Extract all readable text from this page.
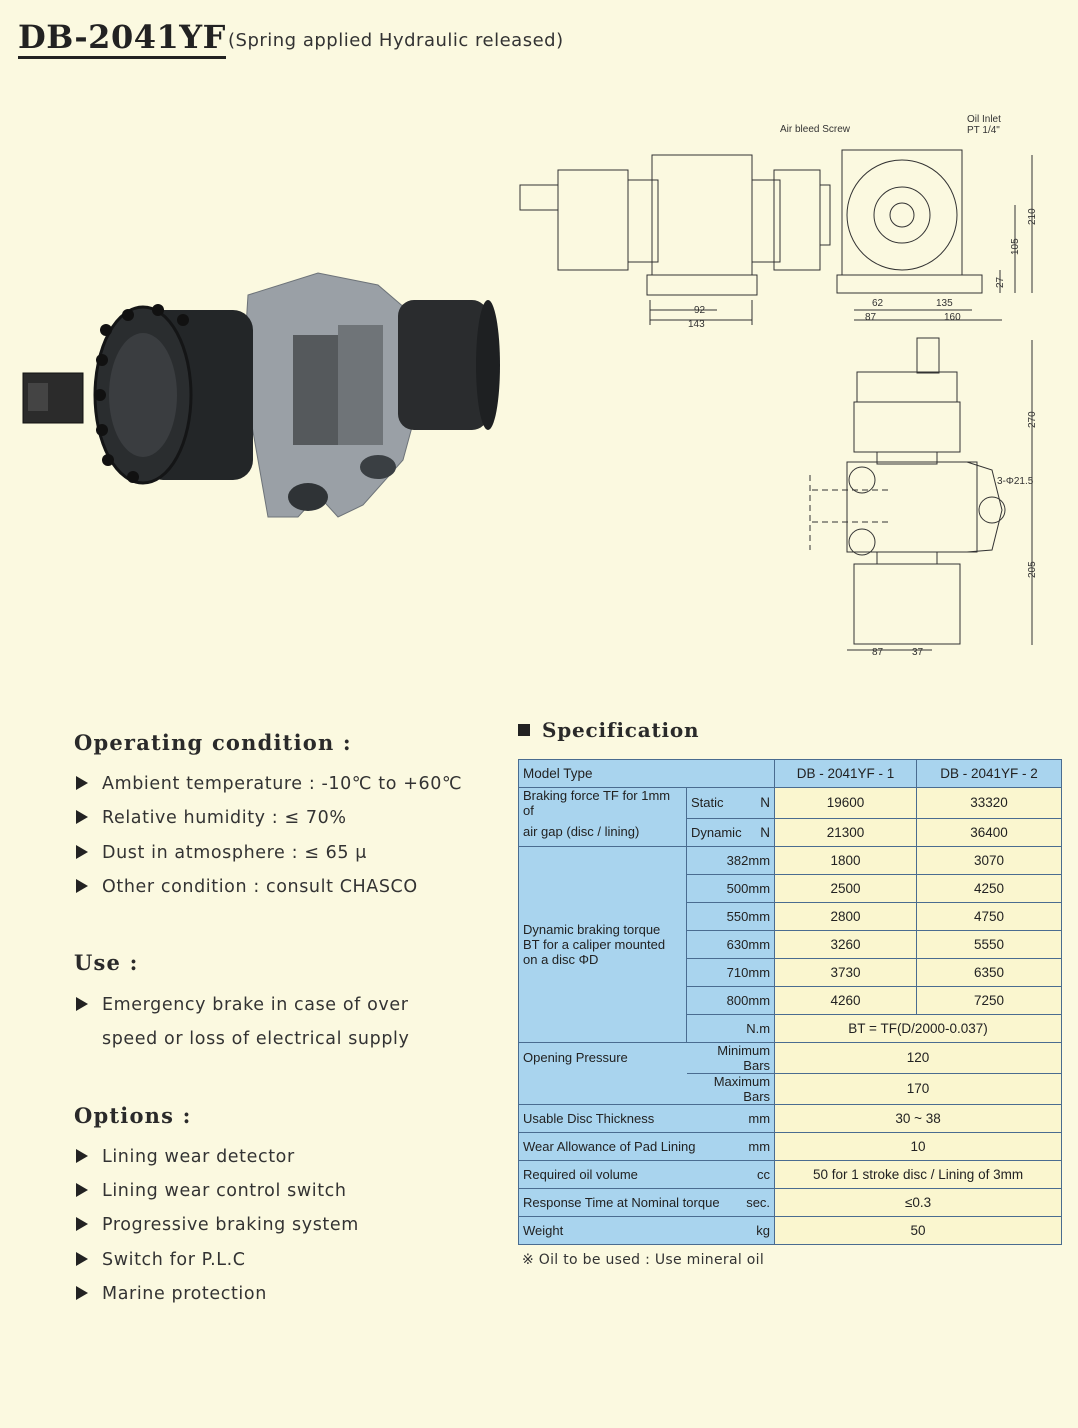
DB-2041YF (Spring applied Hydraulic released)
Air bleed Screw
Oil Inlet
PT 1/4"
92
143
62
87
135
160
210
105
27
270
3-Φ21.5
205
87	37
Operating condition :
Ambient temperature : -10℃ to +60℃
Relative humidity : ≤ 70%
Dust in atmosphere : ≤ 65 μ
Other condition : consult CHASCO
Use :
Emergency brake in case of over
speed or loss of electrical supply
Options :
Lining wear detector
Lining wear control switch
Progressive braking system
Switch for P.L.C
Marine protection
Specification
Model Type			DB - 2041YF - 1	DB - 2041YF - 2
Braking force TF for 1mm of	Static	N	19600	33320
air gap (disc / lining)	Dynamic	N	21300	36400

Dynamic braking torque
BT for a caliper mounted
on a disc ΦD	382mm		1800	3070
	500mm		2500	4250
	550mm		2800	4750
	630mm		3260	5550
	710mm		3730	6350
	800mm		4260	7250
	N.m		BT = TF(D/2000-0.037)	
Opening Pressure	Minimum Bars		120	
	Maximum Bars		170	
Usable Disc Thickness		mm	30 ~ 38	
Wear Allowance of Pad Lining		mm	10	
Required oil volume		cc	50 for 1 stroke disc / Lining of 3mm	
Response Time at Nominal torque		sec.	≤0.3	
Weight		kg	50	
※ Oil to be used : Use mineral oil
